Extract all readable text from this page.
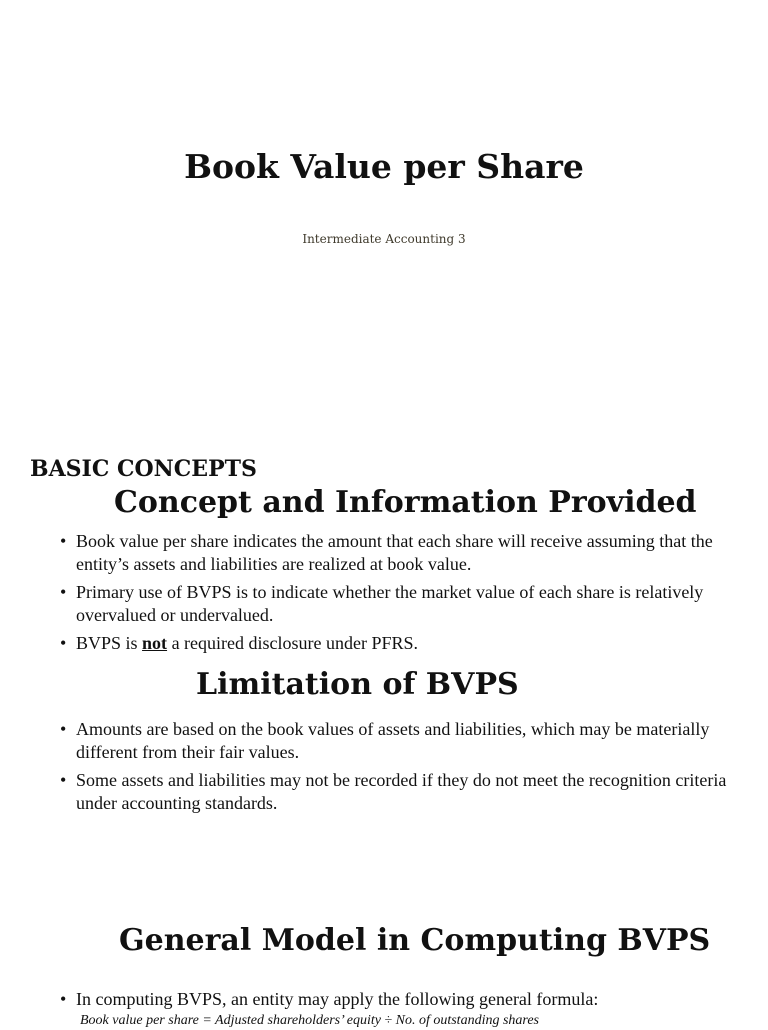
Book Value per Share

Intermediate Accounting 3

BASIC CONCEPTS
Concept and Information Provided
• Book value per share indicates the amount that each share will receive assuming that the entity’s assets and liabilities are realized at book value.
• Primary use of BVPS is to indicate whether the market value of each share is relatively overvalued or undervalued.
• BVPS is not a required disclosure under PFRS.
Limitation of BVPS
• Amounts are based on the book values of assets and liabilities, which may be materially different from their fair values.
• Some assets and liabilities may not be recorded if they do not meet the recognition criteria under accounting standards.
General Model in Computing BVPS
• In computing BVPS, an entity may apply the following general formula:

Book value per share = Adjusted shareholders’ equity ÷ No. of outstanding shares
